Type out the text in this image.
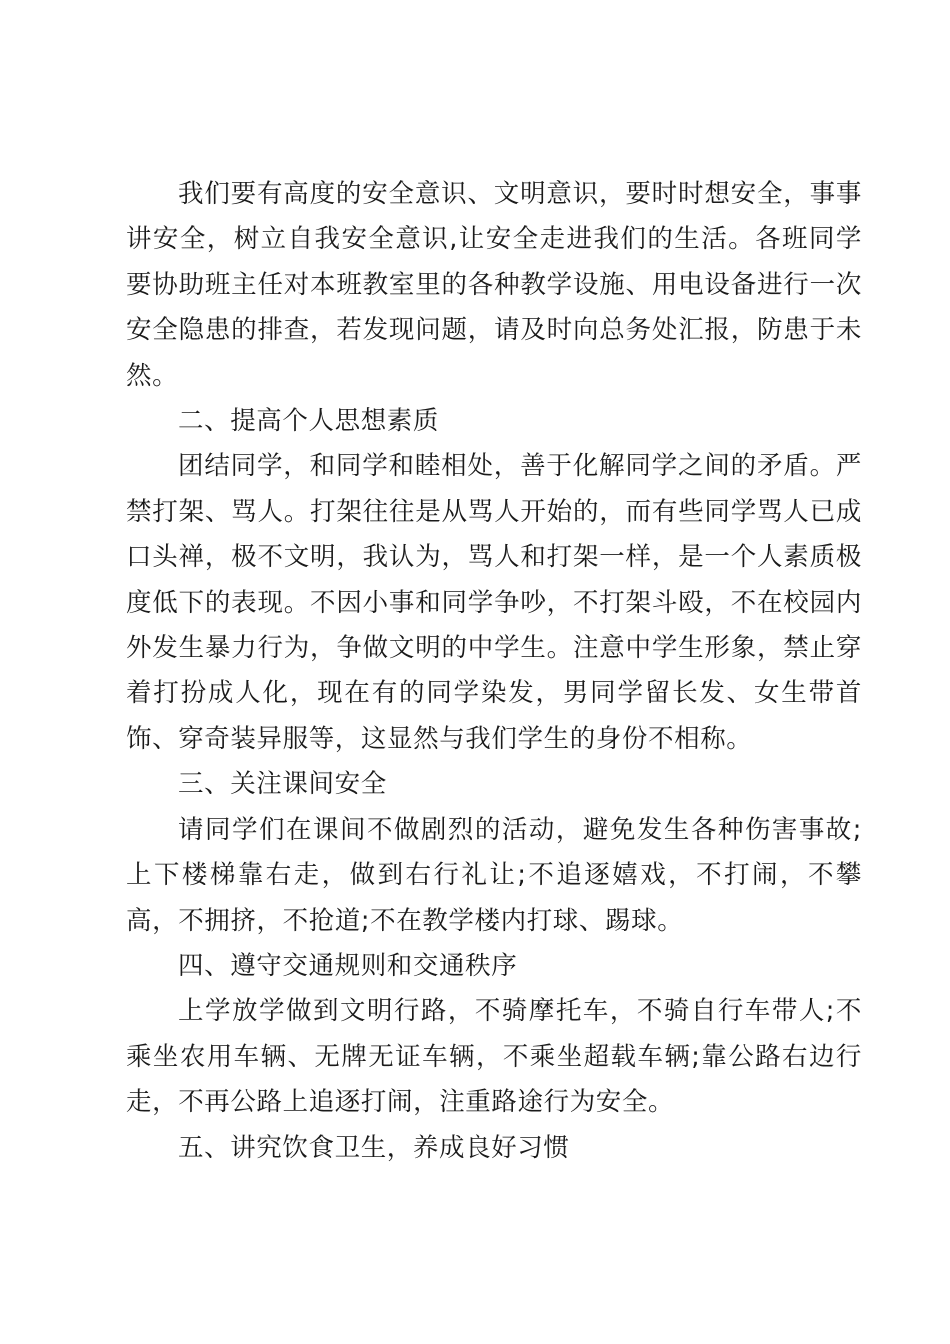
我们要有高度的安全意识、文明意识，要时时想安全，事事讲安全，树立自我安全意识,让安全走进我们的生活。各班同学要协助班主任对本班教室里的各种教学设施、用电设备进行一次安全隐患的排查，若发现问题，请及时向总务处汇报，防患于未然。

二、提高个人思想素质

团结同学，和同学和睦相处，善于化解同学之间的矛盾。严禁打架、骂人。打架往往是从骂人开始的，而有些同学骂人已成口头禅，极不文明，我认为，骂人和打架一样，是一个人素质极度低下的表现。不因小事和同学争吵，不打架斗殴，不在校园内外发生暴力行为，争做文明的中学生。注意中学生形象，禁止穿着打扮成人化，现在有的同学染发，男同学留长发、女生带首饰、穿奇装异服等，这显然与我们学生的身份不相称。

三、关注课间安全

请同学们在课间不做剧烈的活动，避免发生各种伤害事故;上下楼梯靠右走，做到右行礼让;不追逐嬉戏，不打闹，不攀高，不拥挤，不抢道;不在教学楼内打球、踢球。

四、遵守交通规则和交通秩序

上学放学做到文明行路，不骑摩托车，不骑自行车带人;不乘坐农用车辆、无牌无证车辆，不乘坐超载车辆;靠公路右边行走，不再公路上追逐打闹，注重路途行为安全。

五、讲究饮食卫生，养成良好习惯
